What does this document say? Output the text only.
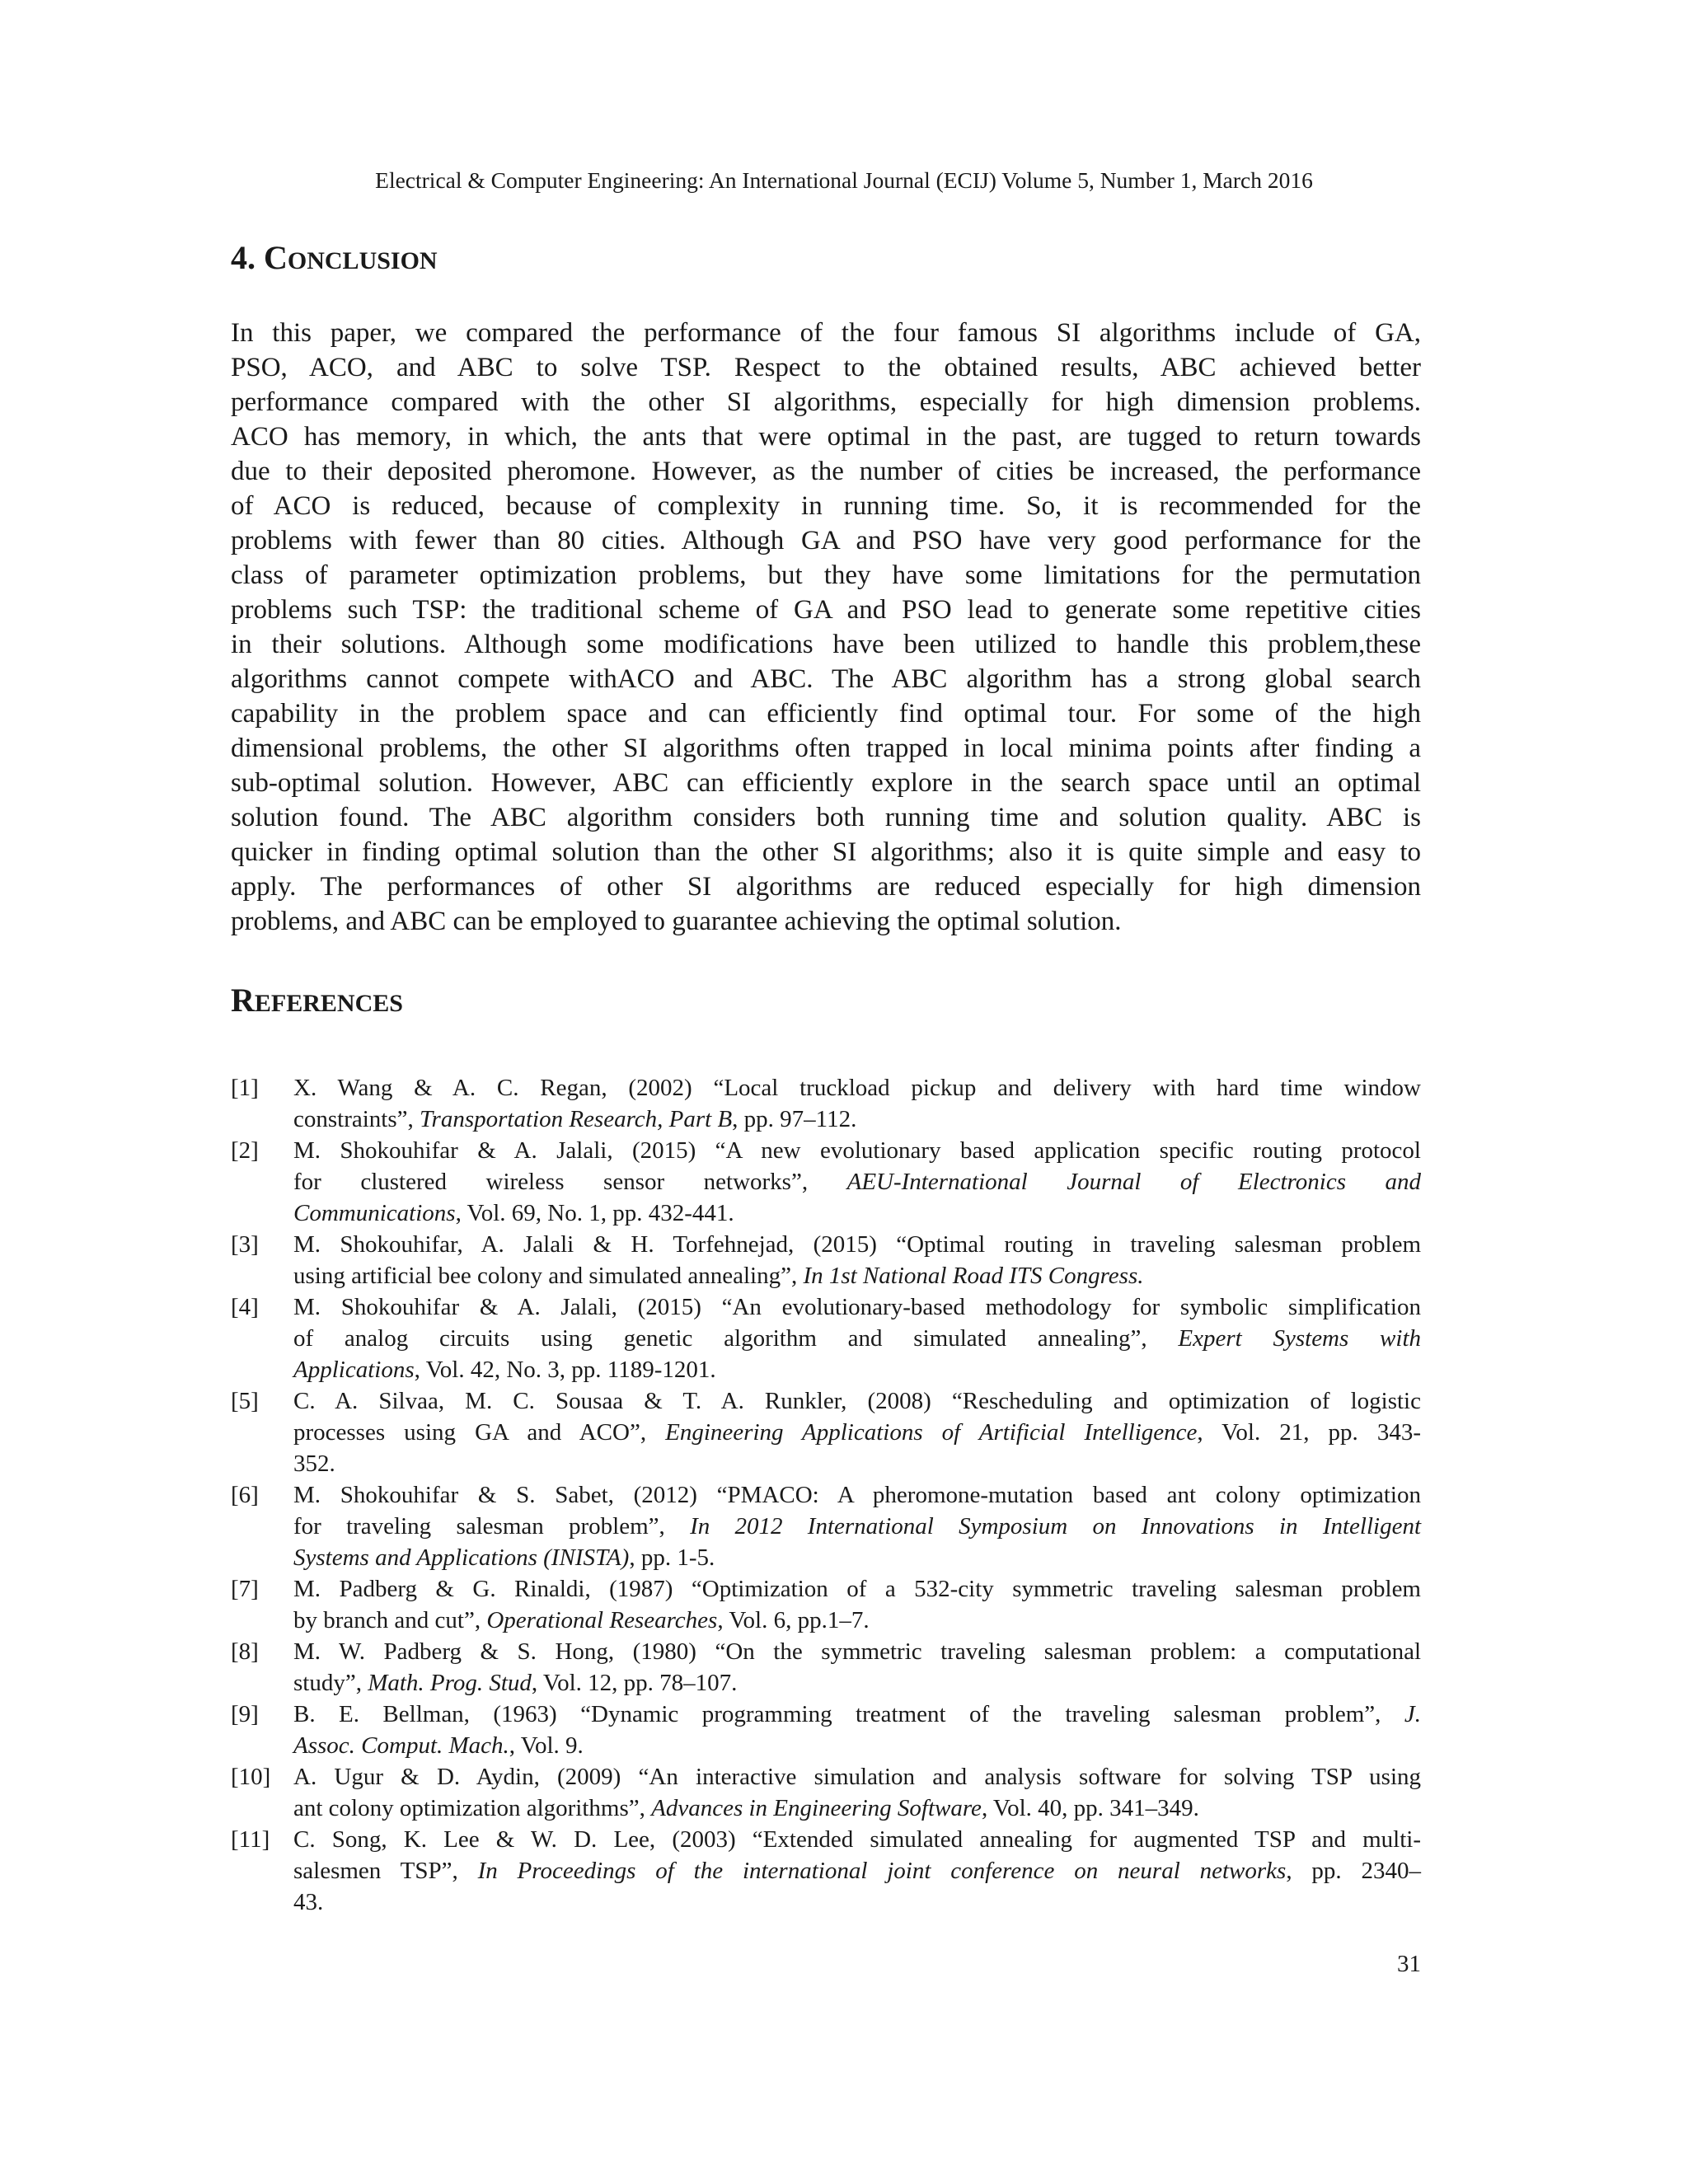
Electrical & Computer Engineering: An International Journal (ECIJ) Volume 5, Number 1, March 2016
4. CONCLUSION
In this paper, we compared the performance of the four famous SI algorithms include of GA,
PSO, ACO, and ABC to solve TSP. Respect to the obtained results, ABC achieved better
performance compared with the other SI algorithms, especially for high dimension problems.
ACO has memory, in which, the ants that were optimal in the past, are tugged to return towards
due to their deposited pheromone. However, as the number of cities be increased, the performance
of ACO is reduced, because of complexity in running time. So, it is recommended for the
problems with fewer than 80 cities. Although GA and PSO have very good performance for the
class of parameter optimization problems, but they have some limitations for the permutation
problems such TSP: the traditional scheme of GA and PSO lead to generate some repetitive cities
in their solutions. Although some modifications have been utilized to handle this problem,these
algorithms cannot compete withACO and ABC. The ABC algorithm has a strong global search
capability in the problem space and can efficiently find optimal tour. For some of the high
dimensional problems, the other SI algorithms often trapped in local minima points after finding a
sub-optimal solution. However, ABC can efficiently explore in the search space until an optimal
solution found. The ABC algorithm considers both running time and solution quality. ABC is
quicker in finding optimal solution than the other SI algorithms; also it is quite simple and easy to
apply. The performances of other SI algorithms are reduced especially for high dimension
problems, and ABC can be employed to guarantee achieving the optimal solution.
REFERENCES
[1] X. Wang & A. C. Regan, (2002) “Local truckload pickup and delivery with hard time window
constraints”, Transportation Research, Part B, pp. 97–112.
[2] M. Shokouhifar & A. Jalali, (2015) “A new evolutionary based application specific routing protocol
for clustered wireless sensor networks”, AEU-International Journal of Electronics and
Communications, Vol. 69, No. 1, pp. 432-441.
[3] M. Shokouhifar, A. Jalali & H. Torfehnejad, (2015) “Optimal routing in traveling salesman problem
using artificial bee colony and simulated annealing”, In 1st National Road ITS Congress.
[4] M. Shokouhifar & A. Jalali, (2015) “An evolutionary-based methodology for symbolic simplification
of analog circuits using genetic algorithm and simulated annealing”, Expert Systems with
Applications, Vol. 42, No. 3, pp. 1189-1201.
[5] C. A. Silvaa, M. C. Sousaa & T. A. Runkler, (2008) “Rescheduling and optimization of logistic
processes using GA and ACO”, Engineering Applications of Artificial Intelligence, Vol. 21, pp. 343-
352.
[6] M. Shokouhifar & S. Sabet, (2012) “PMACO: A pheromone-mutation based ant colony optimization
for traveling salesman problem”, In 2012 International Symposium on Innovations in Intelligent
Systems and Applications (INISTA), pp. 1-5.
[7] M. Padberg & G. Rinaldi, (1987) “Optimization of a 532-city symmetric traveling salesman problem
by branch and cut”, Operational Researches, Vol. 6, pp.1–7.
[8] M. W. Padberg & S. Hong, (1980) “On the symmetric traveling salesman problem: a computational
study”, Math. Prog. Stud, Vol. 12, pp. 78–107.
[9] B. E. Bellman, (1963) “Dynamic programming treatment of the traveling salesman problem”, J.
Assoc. Comput. Mach., Vol. 9.
[10] A. Ugur & D. Aydin, (2009) “An interactive simulation and analysis software for solving TSP using
ant colony optimization algorithms”, Advances in Engineering Software, Vol. 40, pp. 341–349.
[11] C. Song, K. Lee & W. D. Lee, (2003) “Extended simulated annealing for augmented TSP and multi-
salesmen TSP”, In Proceedings of the international joint conference on neural networks, pp. 2340–
43.
31
